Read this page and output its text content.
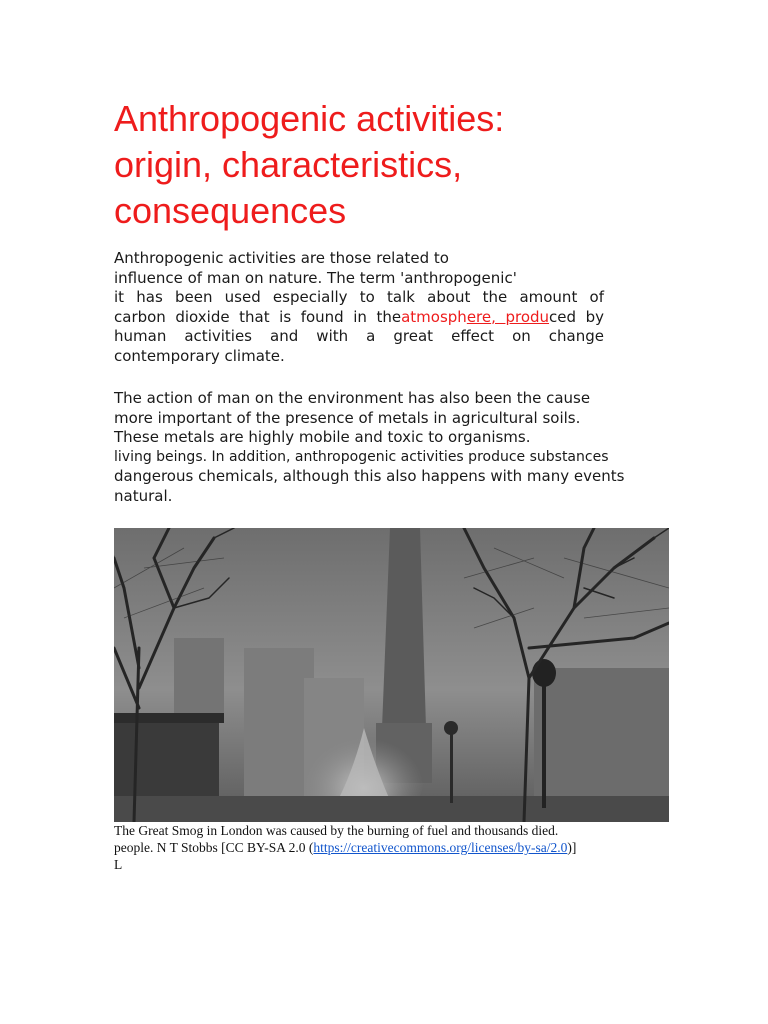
Anthropogenic activities:
origin, characteristics,
consequences
Anthropogenic activities are those related to
influence of man on nature. The term 'anthropogenic'
it has been used especially to talk about the amount of
carbon dioxide that is found in theatmosphere, produced by
human activities and with a great effect on change
contemporary climate.
The action of man on the environment has also been the cause
more important of the presence of metals in agricultural soils.
These metals are highly mobile and toxic to organisms.
living beings. In addition, anthropogenic activities produce substances
dangerous chemicals, although this also happens with many events
natural.
The Great Smog in London was caused by the burning of fuel and thousands died.
people. N T Stobbs [CC BY-SA 2.0 (https://creativecommons.org/licenses/by-sa/2.0)]
L
